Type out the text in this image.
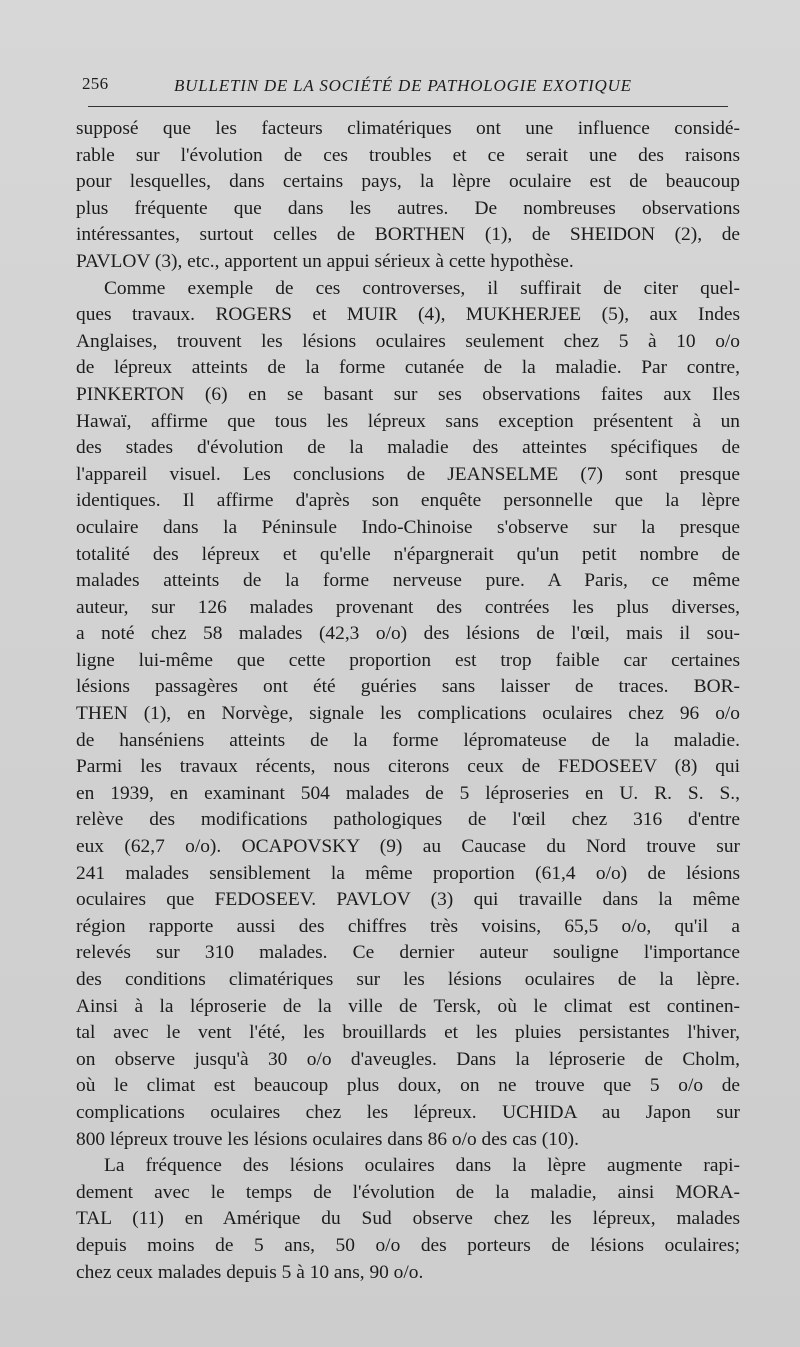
256	BULLETIN DE LA SOCIÉTÉ DE PATHOLOGIE EXOTIQUE
supposé que les facteurs climatériques ont une influence considé-
rable sur l'évolution de ces troubles et ce serait une des raisons
pour lesquelles, dans certains pays, la lèpre oculaire est de beaucoup
plus fréquente que dans les autres. De nombreuses observations
intéressantes, surtout celles de BORTHEN (1), de SHEIDON (2), de
PAVLOV (3), etc., apportent un appui sérieux à cette hypothèse.
Comme exemple de ces controverses, il suffirait de citer quel-
ques travaux. ROGERS et MUIR (4), MUKHERJEE (5), aux Indes
Anglaises, trouvent les lésions oculaires seulement chez 5 à 10 o/o
de lépreux atteints de la forme cutanée de la maladie. Par contre,
PINKERTON (6) en se basant sur ses observations faites aux Iles
Hawaï, affirme que tous les lépreux sans exception présentent à un
des stades d'évolution de la maladie des atteintes spécifiques de
l'appareil visuel. Les conclusions de JEANSELME (7) sont presque
identiques. Il affirme d'après son enquête personnelle que la lèpre
oculaire dans la Péninsule Indo-Chinoise s'observe sur la presque
totalité des lépreux et qu'elle n'épargnerait qu'un petit nombre de
malades atteints de la forme nerveuse pure. A Paris, ce même
auteur, sur 126 malades provenant des contrées les plus diverses,
a noté chez 58 malades (42,3 o/o) des lésions de l'œil, mais il sou-
ligne lui-même que cette proportion est trop faible car certaines
lésions passagères ont été guéries sans laisser de traces. BOR-
THEN (1), en Norvège, signale les complications oculaires chez 96 o/o
de hanséniens atteints de la forme lépromateuse de la maladie.
Parmi les travaux récents, nous citerons ceux de FEDOSEEV (8) qui
en 1939, en examinant 504 malades de 5 léproseries en U. R. S. S.,
relève des modifications pathologiques de l'œil chez 316 d'entre
eux (62,7 o/o). OCAPOVSKY (9) au Caucase du Nord trouve sur
241 malades sensiblement la même proportion (61,4 o/o) de lésions
oculaires que FEDOSEEV. PAVLOV (3) qui travaille dans la même
région rapporte aussi des chiffres très voisins, 65,5 o/o, qu'il a
relevés sur 310 malades. Ce dernier auteur souligne l'importance
des conditions climatériques sur les lésions oculaires de la lèpre.
Ainsi à la léproserie de la ville de Tersk, où le climat est continen-
tal avec le vent l'été, les brouillards et les pluies persistantes l'hiver,
on observe jusqu'à 30 o/o d'aveugles. Dans la léproserie de Cholm,
où le climat est beaucoup plus doux, on ne trouve que 5 o/o de
complications oculaires chez les lépreux. UCHIDA au Japon sur
800 lépreux trouve les lésions oculaires dans 86 o/o des cas (10).
La fréquence des lésions oculaires dans la lèpre augmente rapi-
dement avec le temps de l'évolution de la maladie, ainsi MORA-
TAL (11) en Amérique du Sud observe chez les lépreux, malades
depuis moins de 5 ans, 50 o/o des porteurs de lésions oculaires;
chez ceux malades depuis 5 à 10 ans, 90 o/o.
